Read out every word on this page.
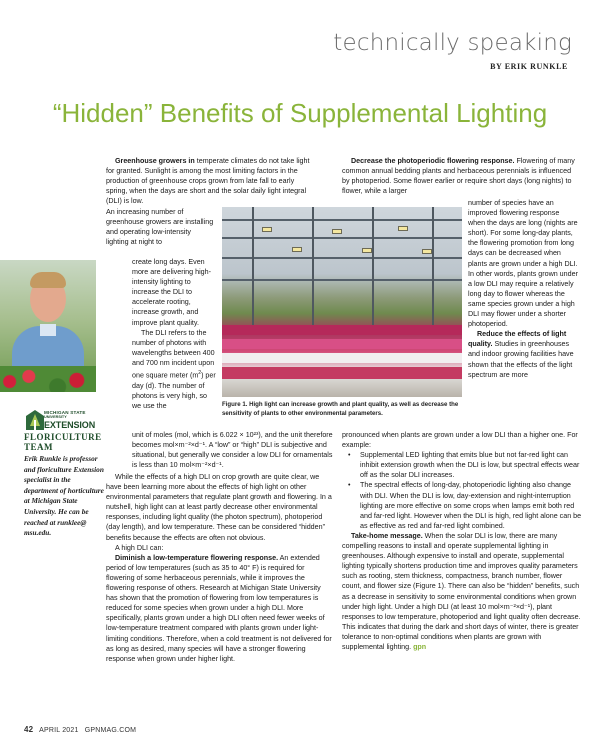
technically speaking
BY ERIK RUNKLE
“Hidden” Benefits of Supplemental Lighting

Greenhouse growers in temperate climates do not take light for granted. Sunlight is among the most limiting factors in the production of greenhouse crops grown from late fall to early spring, when the days are short and the solar daily light integral (DLI) is low.

An increasing number of greenhouse growers are installing and operating low-intensity lighting at night to

create long days. Even more are delivering high-intensity lighting to increase the DLI to accelerate rooting, increase growth, and improve plant quality.

The DLI refers to the number of photons with wavelengths between 400 and 700 nm incident upon one square meter $(m^2)$ per day (d). The number of photons is very high, so we use the

unit of moles (mol, which is 6.022 × 10²³), and the unit therefore becomes mol×m⁻²×d⁻¹. A “low” or “high” DLI is subjective and situational, but generally we consider a low DLI for ornamentals is less than 10 mol×m⁻²×d⁻¹.

While the effects of a high DLI on crop growth are quite clear, we have been learning more about the effects of high light on other environmental parameters that regulate plant growth and flowering. In a nutshell, high light can at least partly decrease other environmental responses, including light quality (the photon spectrum), photoperiod (day length), and low temperature. These can be considered “hidden” benefits because the effects are often not obvious.

A high DLI can:

Diminish a low-temperature flowering response. An extended period of low temperatures (such as 35 to 40° F) is required for flowering of some herbaceous perennials, while it improves the flowering response of others. Research at Michigan State University has shown that the promotion of flowering from low temperatures is reduced for some species when grown under a high DLI. More specifically, plants grown under a high DLI often need fewer weeks of low-temperature treatment compared with plants grown under light-limiting conditions. Therefore, when a cold treatment is not delivered for as long as desired, many species will have a stronger flowering response when grown under higher light.

Decrease the photoperiodic flowering response. Flowering of many common annual bedding plants and herbaceous perennials is influenced by photoperiod. Some flower earlier or require short days (long nights) to flower, while a larger

number of species have an improved flowering response when the days are long (nights are short). For some long-day plants, the flowering promotion from long days can be decreased when plants are grown under a high DLI. In other words, plants grown under a low DLI may require a relatively long day to flower whereas the same species grown under a high DLI may flower under a shorter photoperiod.

Reduce the effects of light quality. Studies in greenhouses and indoor growing facilities have shown that the effects of the light spectrum are more

pronounced when plants are grown under a low DLI than a higher one. For example:

• Supplemental LED lighting that emits blue but not far-red light can inhibit extension growth when the DLI is low, but spectral effects wear off as the solar DLI increases.
• The spectral effects of long-day, photoperiodic lighting also change with DLI. When the DLI is low, day-extension and night-interruption lighting are more effective on some crops when lamps emit both red and far-red light. However when the DLI is high, red light alone can be as effective as red and far-red light combined.

Take-home message. When the solar DLI is low, there are many compelling reasons to install and operate supplemental lighting in greenhouses. Although expensive to install and operate, supplemental lighting typically shortens production time and improves quality parameters such as rooting, stem thickness, compactness, branch number, flower count, and flower size (Figure 1). There can also be “hidden” benefits, such as a decrease in sensitivity to some environmental conditions when grown under high light. Under a high DLI (at least 10 mol×m⁻²×d⁻¹), plant responses to low temperature, photoperiod and light quality often decrease. This indicates that during the dark and short days of winter, there is greater tolerance to non-optimal conditions when plants are grown with supplemental lighting. gpn

Figure 1. High light can increase growth and plant quality, as well as decrease the sensitivity of plants to other environmental parameters.
MICHIGAN STATE
UNIVERSITY
EXTENSION
FLORICULTURE TEAM
Erik Runkle is professor and floriculture Extension specialist in the department of horticulture at Michigan State University. He can be reached at runklee@ msu.edu.
42 APRIL 2021 GPNMAG.COM
